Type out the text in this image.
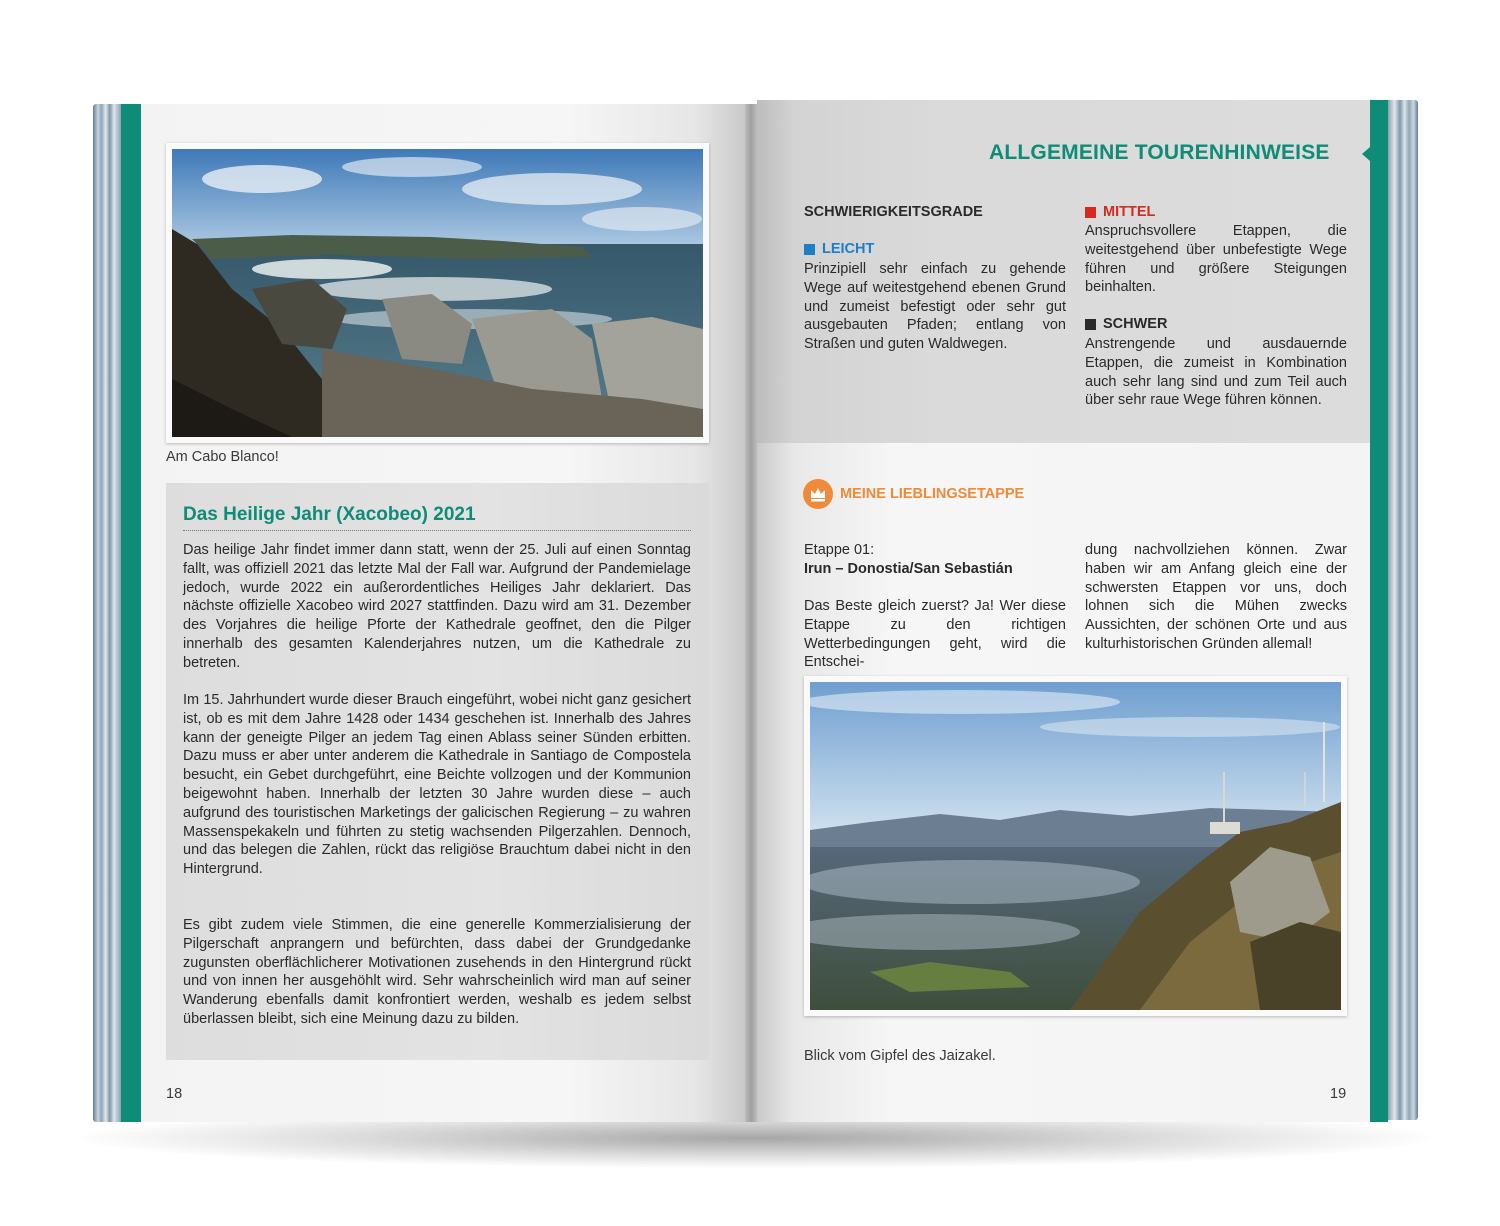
Am Cabo Blanco!
Das Heilige Jahr (Xacobeo) 2021

Das heilige Jahr findet immer dann statt, wenn der 25. Juli auf einen Sonntag fallt, was offiziell 2021 das letzte Mal der Fall war. Aufgrund der Pandemielage jedoch, wurde 2022 ein außerordentliches Heiliges Jahr deklariert. Das nächste offizielle Xacobeo wird 2027 stattfinden. Dazu wird am 31. Dezember des Vorjahres die heilige Pforte der Kathedrale geoffnet, den die Pilger innerhalb des gesamten Kalenderjahres nutzen, um die Kathedrale zu betreten.

Im 15. Jahrhundert wurde dieser Brauch eingeführt, wobei nicht ganz gesichert ist, ob es mit dem Jahre 1428 oder 1434 geschehen ist. Innerhalb des Jahres kann der geneigte Pilger an jedem Tag einen Ablass seiner Sünden erbitten. Dazu muss er aber unter anderem die Kathedrale in Santiago de Compostela besucht, ein Gebet durchgeführt, eine Beichte vollzogen und der Kommunion beigewohnt haben. Innerhalb der letzten 30 Jahre wurden diese – auch aufgrund des touristischen Marketings der galicischen Regierung – zu wahren Massenspekakeln und führten zu stetig wachsenden Pilgerzahlen. Dennoch, und das belegen die Zahlen, rückt das religiöse Brauchtum dabei nicht in den Hintergrund.

Es gibt zudem viele Stimmen, die eine generelle Kommerzialisierung der Pilgerschaft anprangern und befürchten, dass dabei der Grundgedanke zugunsten oberflächlicherer Motivationen zusehends in den Hintergrund rückt und von innen her ausgehöhlt wird. Sehr wahrscheinlich wird man auf seiner Wanderung ebenfalls damit konfrontiert werden, weshalb es jedem selbst überlassen bleibt, sich eine Meinung dazu zu bilden.

18
ALLGEMEINE TOURENHINWEISE
SCHWIERIGKEITSGRADE
LEICHT

Prinzipiell sehr einfach zu gehende Wege auf weitestgehend ebenen Grund und zumeist befestigt oder sehr gut ausgebauten Pfaden; entlang von Straßen und guten Waldwegen.

MITTEL

Anspruchsvollere Etappen, die weitestgehend über unbefestigte Wege führen und größere Steigungen beinhalten.

SCHWER

Anstrengende und ausdauernde Etappen, die zumeist in Kombination auch sehr lang sind und zum Teil auch über sehr raue Wege führen können.

MEINE LIEBLINGSETAPPE
Etappe 01:
Irun – Donostia/San Sebastián

Das Beste gleich zuerst? Ja! Wer diese Etappe zu den richtigen Wetterbedingungen geht, wird die Entschei-

dung nachvollziehen können. Zwar haben wir am Anfang gleich eine der schwersten Etappen vor uns, doch lohnen sich die Mühen zwecks Aussichten, der schönen Orte und aus kulturhistorischen Gründen allemal!

Blick vom Gipfel des Jaizakel.
19
